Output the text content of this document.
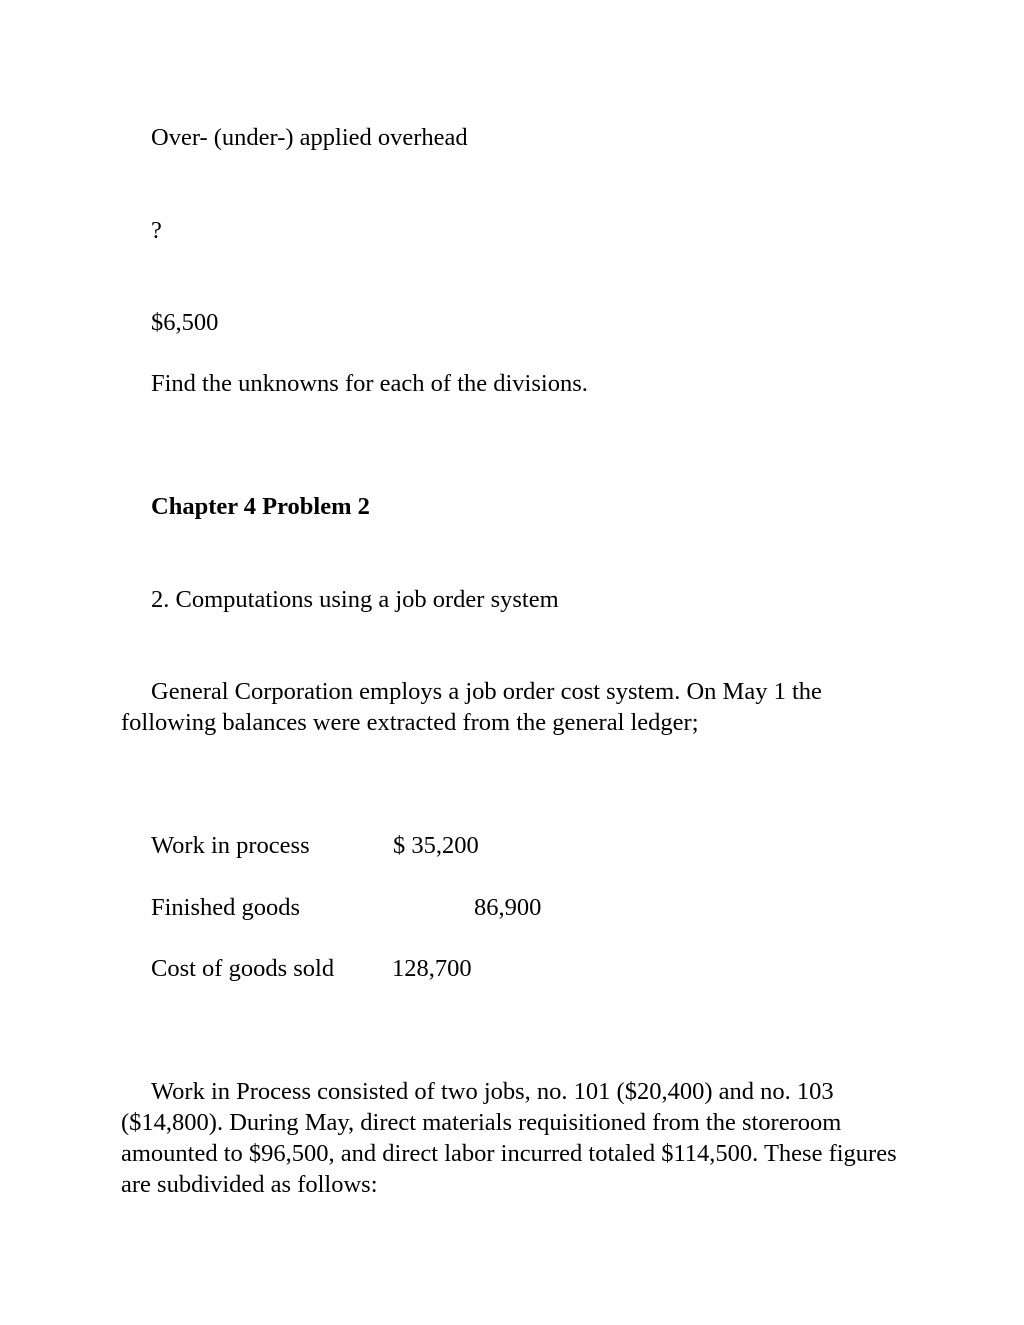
Over- (under-) applied overhead
?
$6,500
Find the unknowns for each of the divisions.
Chapter 4 Problem 2
2. Computations using a job order system
General Corporation employs a job order cost system. On May 1 the following balances were extracted from the general ledger;
Work in process	$ 35,200
Finished goods	86,900
Cost of goods sold 128,700
Work in Process consisted of two jobs, no. 101 ($20,400) and no. 103 ($14,800). During May, direct materials requisitioned from the storeroom amounted to $96,500, and direct labor incurred totaled $114,500. These figures are subdivided as follows:
